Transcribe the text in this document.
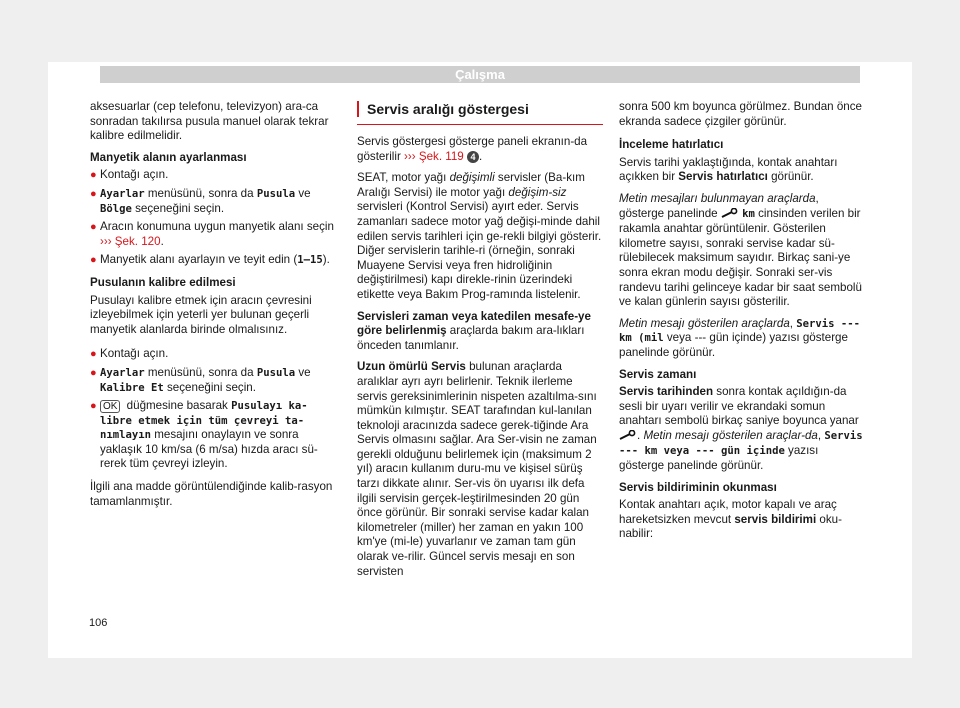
Çalışma

aksesuarlar (cep telefonu, televizyon) ara-ca sonradan takılırsa pusula manuel olarak tekrar kalibre edilmelidir.

Manyetik alanın ayarlanması

● Kontağı açın.
● Ayarlar menüsünü, sonra da Pusula ve Bölge seçeneğini seçin.
● Aracın konumuna uygun manyetik alanı seçin ››› Şek. 120.
● Manyetik alanı ayarlayın ve teyit edin (1–15).

Pusulanın kalibre edilmesi

Pusulayı kalibre etmek için aracın çevresini izleyebilmek için yeterli yer bulunan geçerli manyetik alanlarda birinde olmalısınız.

● Kontağı açın.
● Ayarlar menüsünü, sonra da Pusula ve Kalibre Et seçeneğini seçin.
● OK düğmesine basarak Pusulayı ka-libre etmek için tüm çevreyi ta-nımlayın mesajını onaylayın ve sonra yaklaşık 10 km/sa (6 m/sa) hızda aracı sü-rerek tüm çevreyi izleyin.

İlgili ana madde görüntülendiğinde kalib-rasyon tamamlanmıştır.

Servis aralığı göstergesi

Servis göstergesi gösterge paneli ekranın-da gösterilir ››› Şek. 119 4 .

SEAT, motor yağı değişimli servisler (Ba-kım Aralığı Servisi) ile motor yağı değişim-siz servisleri (Kontrol Servisi) ayırt eder. Servis zamanları sadece motor yağ değişi-minde dahil edilen servis tarihleri için ge-rekli bilgiyi gösterir. Diğer servislerin tarihle-ri (örneğin, sonraki Muayene Servisi veya fren hidroliğinin değiştirilmesi) kapı direkle-rinin üzerindeki etikette veya Bakım Prog-ramında listelenir.

Servisleri zaman veya katedilen mesafe-ye göre belirlenmiş araçlarda bakım ara-lıkları önceden tanımlanır.

Uzun ömürlü Servis bulunan araçlarda aralıklar ayrı ayrı belirlenir. Teknik ilerleme servis gereksinimlerinin nispeten azaltılma-sını mümkün kılmıştır. SEAT tarafından kul-lanılan teknoloji aracınızda sadece gerek-tiğinde Ara Servis olmasını sağlar. Ara Ser-visin ne zaman gerekli olduğunu belirlemek için (maksimum 2 yıl) aracın kullanım duru-mu ve kişisel sürüş tarzı dikkate alınır. Ser-vis ön uyarısı ilk defa ilgili servisin gerçek-leştirilmesinden 20 gün önce görünür. Bir sonraki servise kadar kalan kilometreler (miller) her zaman en yakın 100 km'ye (mi-le) yuvarlanır ve zaman tam gün olarak ve-rilir. Güncel servis mesajı en son servisten

sonra 500 km boyunca görülmez. Bundan önce ekranda sadece çizgiler görünür.

İnceleme hatırlatıcı

Servis tarihi yaklaştığında, kontak anahtarı açıkken bir Servis hatırlatıcı görünür.

Metin mesajları bulunmayan araçlarda, gösterge panelinde  km cinsinden verilen bir rakamla anahtar görüntülenir. Gösterilen kilometre sayısı, sonraki servise kadar sü-rülebilecek maksimum sayıdır. Birkaç sani-ye sonra ekran modu değişir. Sonraki ser-vis randevu tarihi gelinceye kadar bir saat sembolü ve kalan günlerin sayısı gösterilir.

Metin mesajı gösterilen araçlarda, Servis --- km (mil veya --- gün içinde) yazısı gösterge panelinde görünür.

Servis zamanı

Servis tarihinden sonra kontak açıldığın-da sesli bir uyarı verilir ve ekrandaki somun anahtarı sembolü birkaç saniye boyunca yanar . Metin mesajı gösterilen araçlar-da, Servis --- km veya --- gün içinde yazısı gösterge panelinde görünür.

Servis bildiriminin okunması

Kontak anahtarı açık, motor kapalı ve araç hareketsizken mevcut servis bildirimi oku-nabilir:

106
